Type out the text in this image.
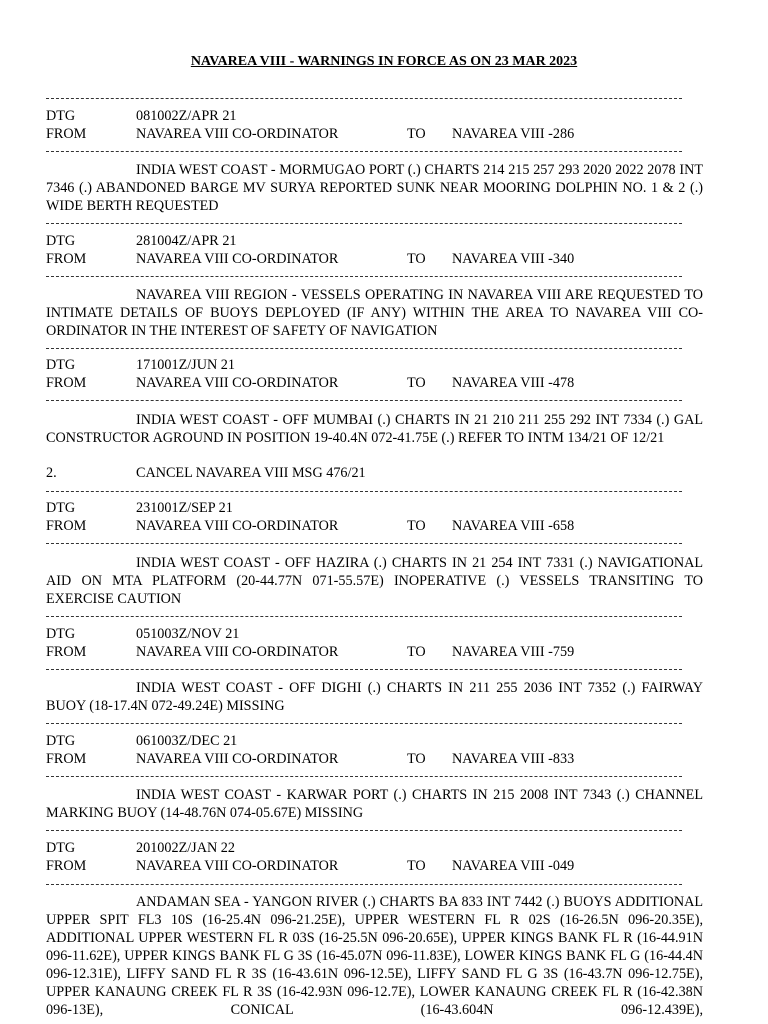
NAVAREA VIII - WARNINGS IN FORCE AS ON 23 MAR 2023
DTG	081002Z/APR 21
FROM	NAVAREA VIII CO-ORDINATOR	TO NAVAREA VIII -286
INDIA WEST COAST - MORMUGAO PORT (.) CHARTS 214 215 257 293 2020 2022 2078 INT 7346 (.) ABANDONED BARGE MV SURYA REPORTED SUNK NEAR MOORING DOLPHIN NO. 1 & 2 (.) WIDE BERTH REQUESTED
DTG	281004Z/APR 21
FROM	NAVAREA VIII CO-ORDINATOR	TO NAVAREA VIII -340
NAVAREA VIII REGION - VESSELS OPERATING IN NAVAREA VIII ARE REQUESTED TO INTIMATE DETAILS OF BUOYS DEPLOYED (IF ANY) WITHIN THE AREA TO NAVAREA VIII CO-ORDINATOR IN THE INTEREST OF SAFETY OF NAVIGATION
DTG	171001Z/JUN 21
FROM	NAVAREA VIII CO-ORDINATOR	TO NAVAREA VIII -478
INDIA WEST COAST - OFF MUMBAI (.) CHARTS IN 21 210 211 255 292 INT 7334 (.) GAL CONSTRUCTOR AGROUND IN POSITION 19-40.4N 072-41.75E (.) REFER TO INTM 134/21 OF 12/21
2.	CANCEL NAVAREA VIII MSG 476/21
DTG	231001Z/SEP 21
FROM	NAVAREA VIII CO-ORDINATOR	TO NAVAREA VIII -658
INDIA WEST COAST - OFF HAZIRA (.) CHARTS IN 21 254 INT 7331 (.) NAVIGATIONAL AID ON MTA PLATFORM (20-44.77N 071-55.57E) INOPERATIVE (.) VESSELS TRANSITING TO EXERCISE CAUTION
DTG	051003Z/NOV 21
FROM	NAVAREA VIII CO-ORDINATOR	TO NAVAREA VIII -759
INDIA WEST COAST - OFF DIGHI (.) CHARTS IN 211 255 2036 INT 7352 (.) FAIRWAY BUOY (18-17.4N 072-49.24E) MISSING
DTG	061003Z/DEC 21
FROM	NAVAREA VIII CO-ORDINATOR	TO NAVAREA VIII -833
INDIA WEST COAST - KARWAR PORT (.) CHARTS IN 215 2008 INT 7343 (.) CHANNEL MARKING BUOY (14-48.76N 074-05.67E) MISSING
DTG	201002Z/JAN 22
FROM	NAVAREA VIII CO-ORDINATOR	TO NAVAREA VIII -049
ANDAMAN SEA - YANGON RIVER (.) CHARTS BA 833 INT 7442 (.) BUOYS ADDITIONAL UPPER SPIT FL3 10S (16-25.4N 096-21.25E), UPPER WESTERN FL R 02S (16-26.5N 096-20.35E), ADDITIONAL UPPER WESTERN FL R 03S (16-25.5N 096-20.65E), UPPER KINGS BANK FL R (16-44.91N 096-11.62E), UPPER KINGS BANK FL G 3S (16-45.07N 096-11.83E), LOWER KINGS BANK FL G (16-44.4N 096-12.31E), LIFFY SAND FL R 3S (16-43.61N 096-12.5E), LIFFY SAND FL G 3S (16-43.7N 096-12.75E), UPPER KANAUNG CREEK FL R 3S (16-42.93N 096-12.7E), LOWER KANAUNG CREEK FL R (16-42.38N 096-13E), CONICAL (16-43.604N 096-12.439E),
